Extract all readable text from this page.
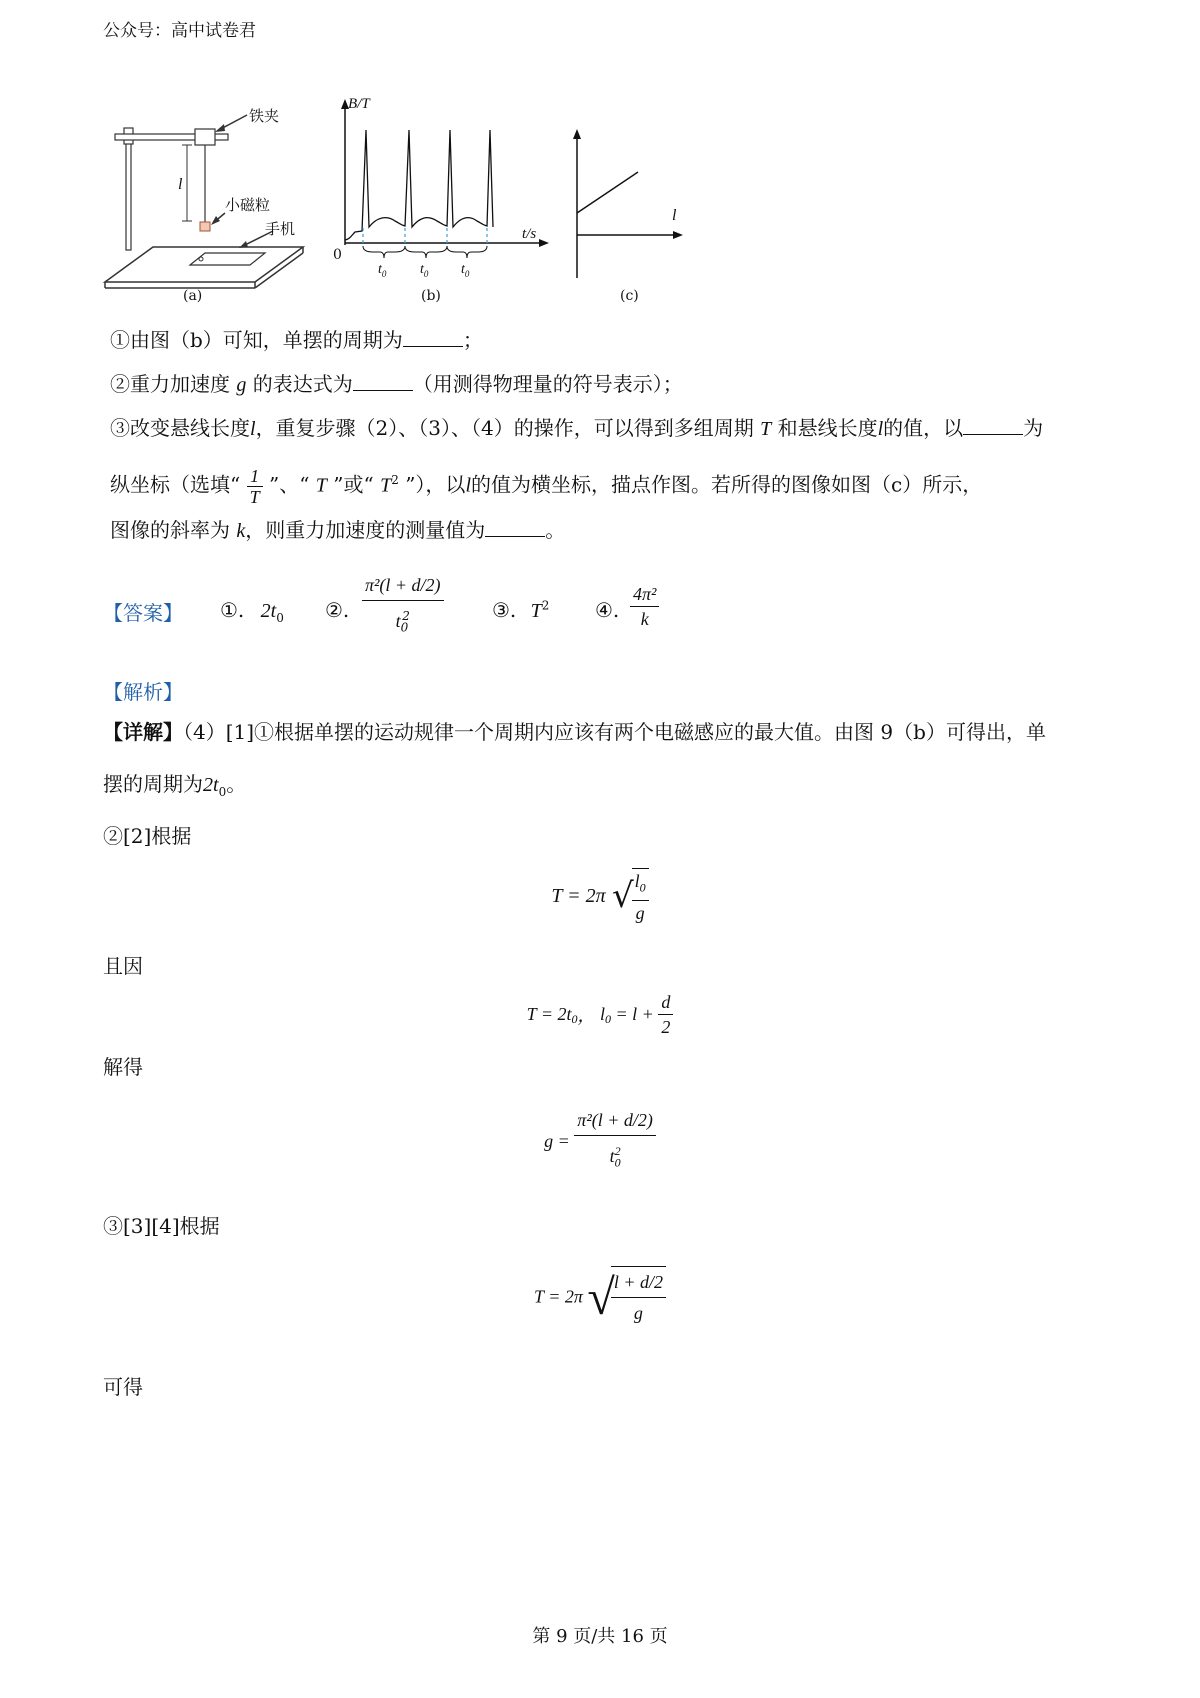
公众号：高中试卷君
l
铁夹
小磁粒
手机
(a)
B/T
t/s
0
$t_0$ $t_0$ $t_0$
(b)
l
(c)
①由图（b）可知，单摆的周期为	；
②重力加速度 g 的表达式为	（用测得物理量的符号表示）；
③改变悬线长度l，重复步骤（2）、（3）、（4）的操作，可以得到多组周期 T 和悬线长度l的值，以	为
纵坐标（选填“ $\frac{1}{T}$ ”、“ T ”或“ $T^2$ ”），以l的值为横坐标，描点作图。若所得的图像如图（c）所示，
图像的斜率为 k，则重力加速度的测量值为	。
【答案】 ①. $2t_0$ ②. $\frac{\text{π²(l + d/2)}}{t_0^2}$ ③. $T^2$ ④. $\frac{\text{4π²}}{k}$
【解析】
【详解】（4）[1]①根据单摆的运动规律一个周期内应该有两个电磁感应的最大值。由图 9（b）可得出，单
摆的周期为$2t_0$。
②[2]根据
T = 2π √
$\frac{l_0}{g}$
且因
$T = 2t_0$， $l_0 = l + \frac{d}{2}$
解得
$g = \frac{\text{π²(l + d/2)}}{t_0^2}$
③[3][4]根据
T = 2π √
$\frac{l + d/2}{g}$
可得
第 9 页/共 16 页
